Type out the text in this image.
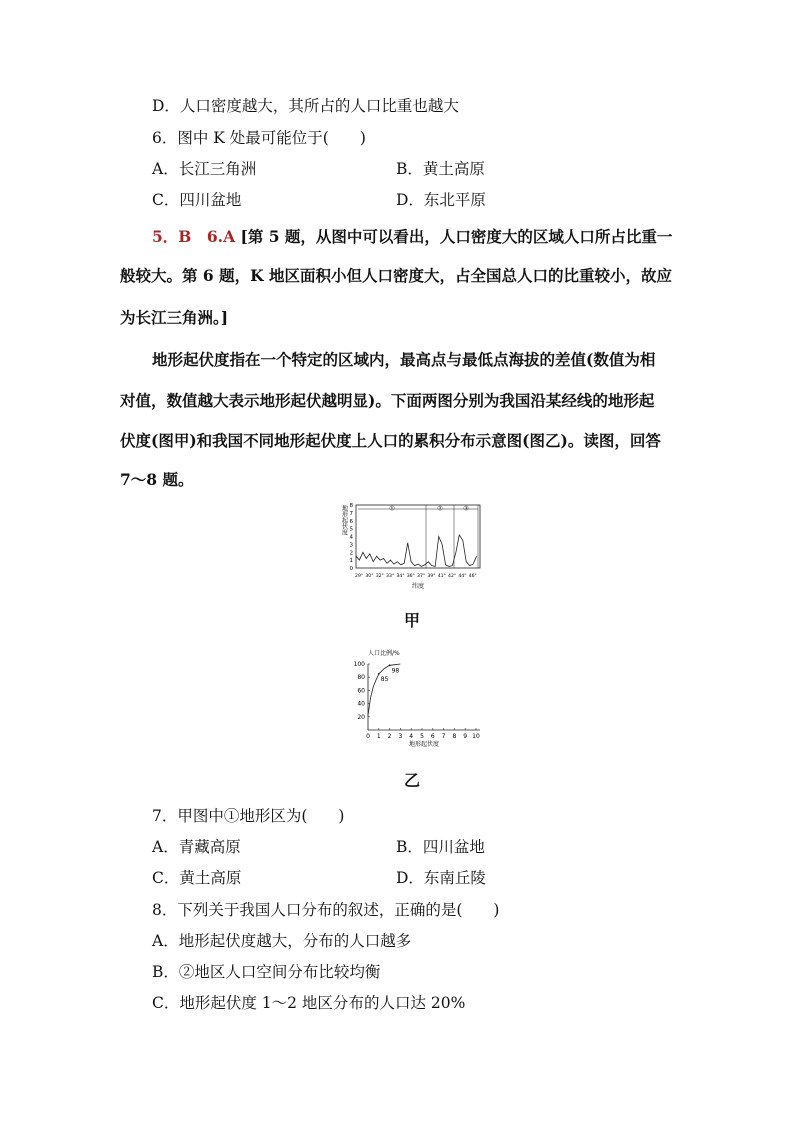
D．人口密度越大，其所占的人口比重也越大
6．图中 K 处最可能位于(　　)
A．长江三角洲	B．黄土高原
C．四川盆地	D．东北平原
5．B　6.A [第 5 题，从图中可以看出，人口密度大的区域人口所占比重一
般较大。第 6 题，K 地区面积小但人口密度大，占全国总人口的比重较小，故应
为长江三角洲。]
地形起伏度指在一个特定的区域内，最高点与最低点海拔的差值(数值为相
对值，数值越大表示地形起伏越明显)。下面两图分别为我国沿某经线的地形起
伏度(图甲)和我国不同地形起伏度上人口的累积分布示意图(图乙)。读图，回答
7～8 题。
0
1
2
3
4
5
6
7
8
29° 30° 32° 33° 34° 36° 37° 39° 41° 42° 44° 46°
①	②	③
地形起伏度
纬度
甲
人口比例/%
20
40
60
80
100
0 1 2 3 4 5 6 7 8 9 10
85
98
地形起伏度
乙
7．甲图中①地形区为(　　)
A．青藏高原	B．四川盆地
C．黄土高原	D．东南丘陵
8．下列关于我国人口分布的叙述，正确的是(　　)
A．地形起伏度越大，分布的人口越多
B．②地区人口空间分布比较均衡
C．地形起伏度 1～2 地区分布的人口达 20%
